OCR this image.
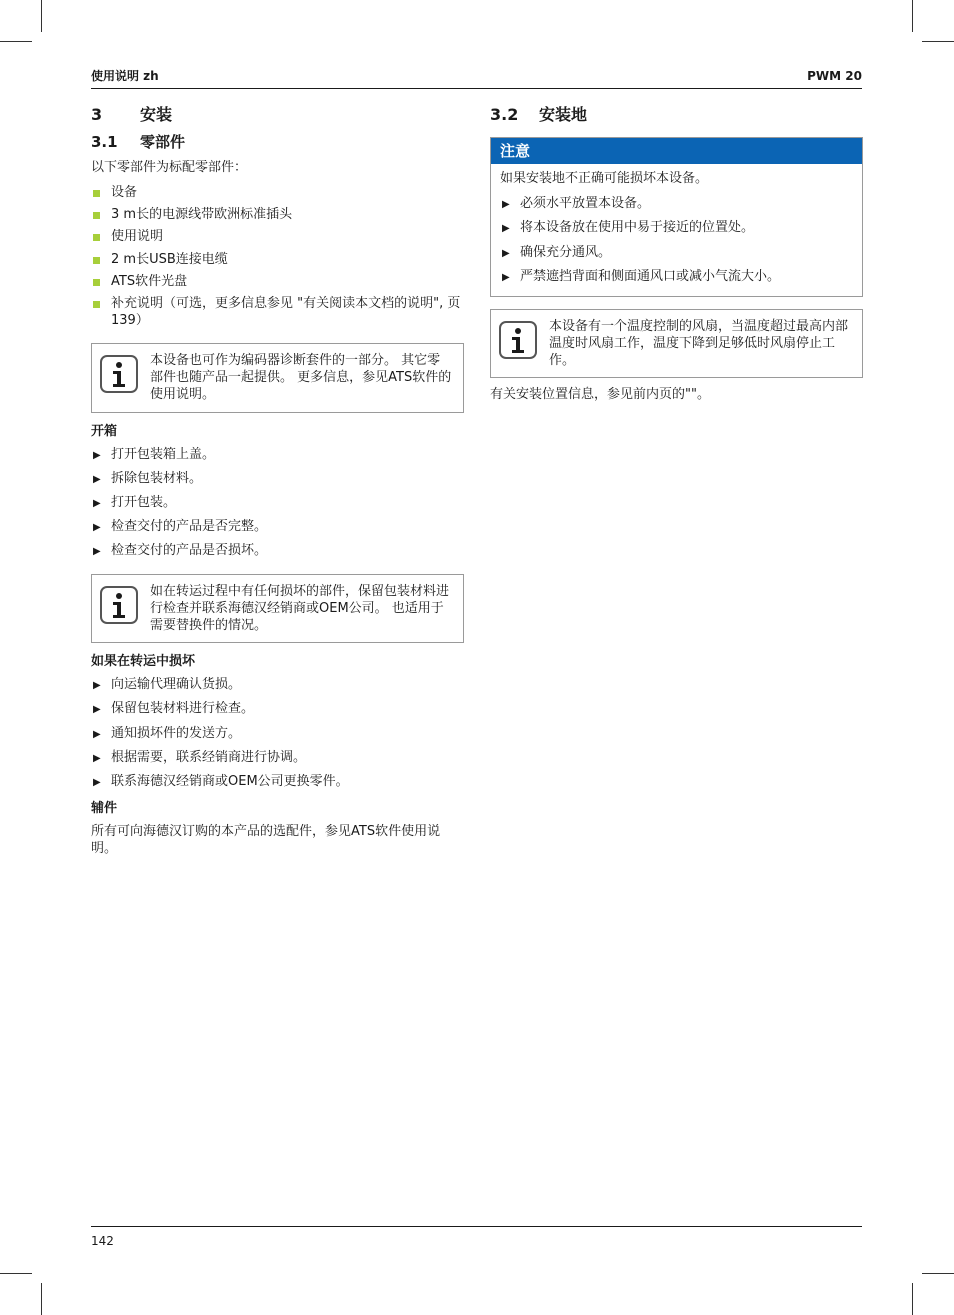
使用说明 zh	PWM 20
3	安装
3.1	零部件
以下零部件为标配零部件：
设备
3 m长的电源线带欧洲标准插头
使用说明
2 m长USB连接电缆
ATS软件光盘
补充说明（可选，更多信息参见 "有关阅读本文档的说明", 页 139）
本设备也可作为编码器诊断套件的一部分。 其它零部件也随产品一起提供。 更多信息，参见ATS软件的使用说明。
开箱
▶ 打开包装箱上盖。
▶ 拆除包装材料。
▶ 打开包装。
▶ 检查交付的产品是否完整。
▶ 检查交付的产品是否损坏。
如在转运过程中有任何损坏的部件，保留包装材料进行检查并联系海德汉经销商或OEM公司。 也适用于需要替换件的情况。
如果在转运中损坏
▶ 向运输代理确认货损。
▶ 保留包装材料进行检查。
▶ 通知损坏件的发送方。
▶ 根据需要，联系经销商进行协调。
▶ 联系海德汉经销商或OEM公司更换零件。
辅件
所有可向海德汉订购的本产品的选配件，参见ATS软件使用说明。
3.2	安装地
注意
如果安装地不正确可能损坏本设备。
▶ 必须水平放置本设备。
▶ 将本设备放在使用中易于接近的位置处。
▶ 确保充分通风。
▶ 严禁遮挡背面和侧面通风口或减小气流大小。
本设备有一个温度控制的风扇，当温度超过最高内部温度时风扇工作，温度下降到足够低时风扇停止工作。
有关安装位置信息，参见前内页的""。
142
